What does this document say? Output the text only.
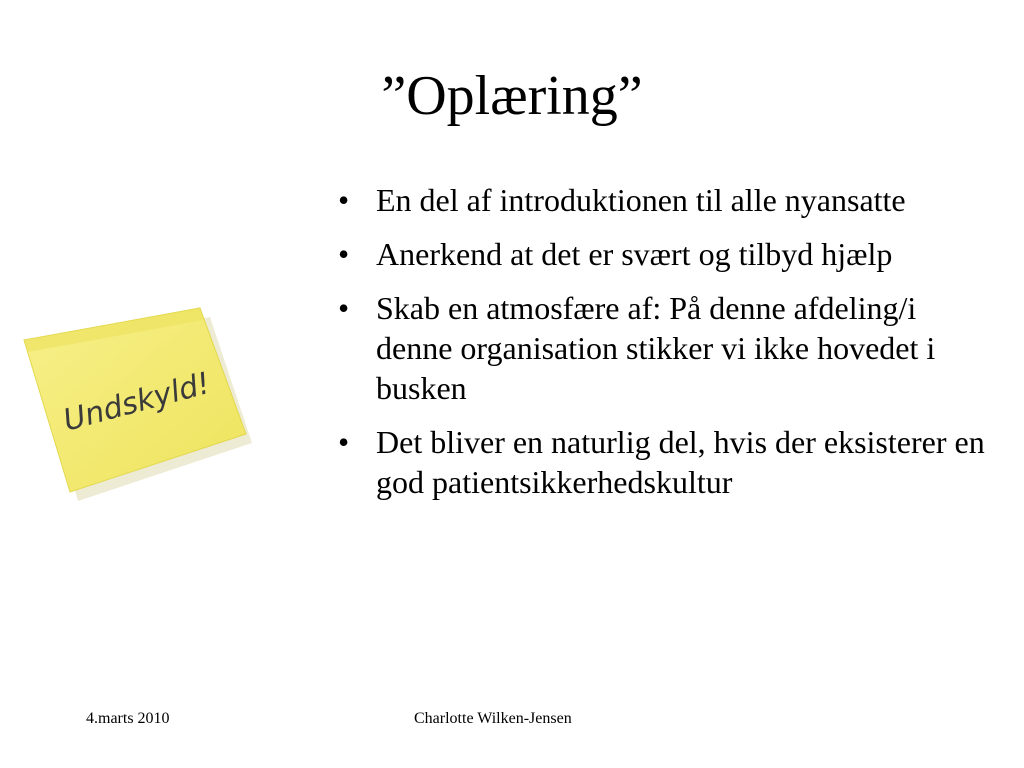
”Oplæring”
Undskyld!
• En del af introduktionen til alle nyansatte
• Anerkend at det er svært og tilbyd hjælp
• Skab en atmosfære af: På denne afdeling/i denne organisation stikker vi ikke hovedet i busken
• Det bliver en naturlig del, hvis der eksisterer en god patientsikkerhedskultur
4.marts 2010	Charlotte Wilken-Jensen
